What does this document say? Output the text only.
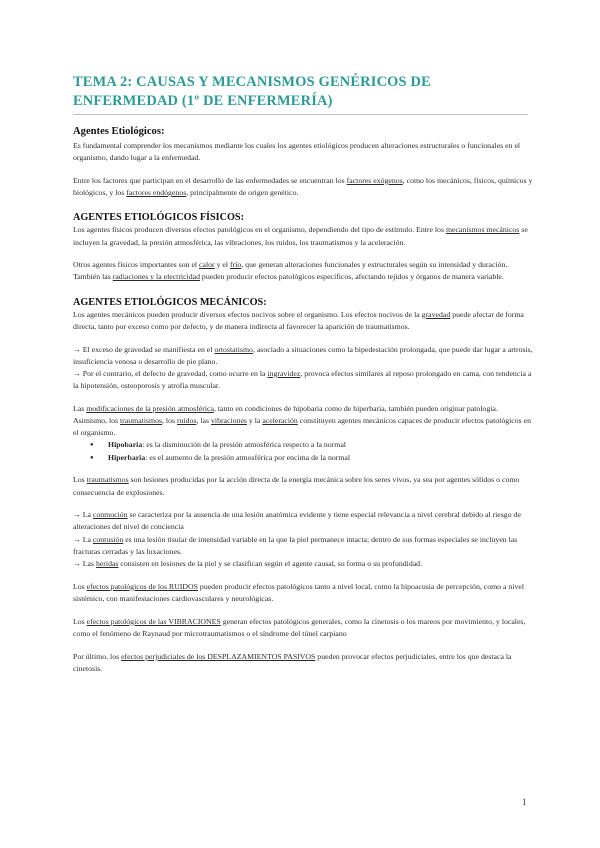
TEMA 2: CAUSAS Y MECANISMOS GENÉRICOS DE ENFERMEDAD (1º DE ENFERMERÍA)
Agentes Etiológicos:

Es fundamental comprender los mecanismos mediante los cuales los agentes etiológicos producen alteraciones estructurales o funcionales en el organismo, dando lugar a la enfermedad.

Entre los factores que participan en el desarrollo de las enfermedades se encuentran los factores exógenos, como los mecánicos, físicos, químicos y biológicos, y los factores endógenos, principalmente de origen genético.

AGENTES ETIOLÓGICOS FÍSICOS:

Los agentes físicos producen diversos efectos patológicos en el organismo, dependiendo del tipo de estímulo. Entre los mecanismos mecánicos se incluyen la gravedad, la presión atmosférica, las vibraciones, los ruidos, los traumatismos y la aceleración.

Otros agentes físicos importantes son el calor y el frío, que generan alteraciones funcionales y estructurales según su intensidad y duración. También las radiaciones y la electricidad pueden producir efectos patológicos específicos, afectando tejidos y órganos de manera variable.

AGENTES ETIOLÓGICOS MECÁNICOS:

Los agentes mecánicos pueden producir diversos efectos nocivos sobre el organismo. Los efectos nocivos de la gravedad puede afectar de forma directa, tanto por exceso como por defecto, y de manera indirecta al favorecer la aparición de traumatismos.

→ El exceso de gravedad se manifiesta en el ortostatismo, asociado a situaciones como la bipedestación prolongada, que puede dar lugar a artrosis, insuficiencia venosa o desarrollo de pie plano.

→ Por el contrario, el defecto de gravedad, como ocurre en la ingravidez, provoca efectos similares al reposo prolongado en cama, con tendencia a la hipotensión, osteoporosis y atrofia muscular.

Las modificaciones de la presión atmosférica, tanto en condiciones de hipobaria como de hiperbaria, también pueden originar patología. Asimismo, los traumatismos, los ruidos, las vibraciones y la aceleración constituyen agentes mecánicos capaces de producir efectos patológicos en el organismo.

● Hipobaria: es la disminución de la presión atmosférica respecto a la normal
● Hiperbaria: es el aumento de la presión atmosférica por encima de la normal

Los traumatismos son lesiones producidas por la acción directa de la energía mecánica sobre los seres vivos, ya sea por agentes sólidos o como consecuencia de explosiones.

→ La conmoción se caracteriza por la ausencia de una lesión anatómica evidente y tiene especial relevancia a nivel cerebral debido al riesgo de alteraciones del nivel de conciencia

→ La contusión es una lesión tisular de intensidad variable en la que la piel permanece intacta; dentro de sus formas especiales se incluyen las fracturas cerradas y las luxaciones.

→ Las heridas consisten en lesiones de la piel y se clasifican según el agente causal, su forma o su profundidad.

Los efectos patológicos de los RUIDOS pueden producir efectos patológicos tanto a nivel local, como la hipoacusia de percepción, como a nivel sistémico, con manifestaciones cardiovasculares y neurológicas.

Los efectos patológicos de las VIBRACIONES generan efectos patológicos generales, como la cinetosis o los mareos por movimiento, y locales, como el fenómeno de Raynaud por microtraumatismos o el síndrome del túnel carpiano

Por último, los efectos perjudiciales de los DESPLAZAMIENTOS PASIVOS pueden provocar efectos perjudiciales, entre los que destaca la cinetosis.

1
